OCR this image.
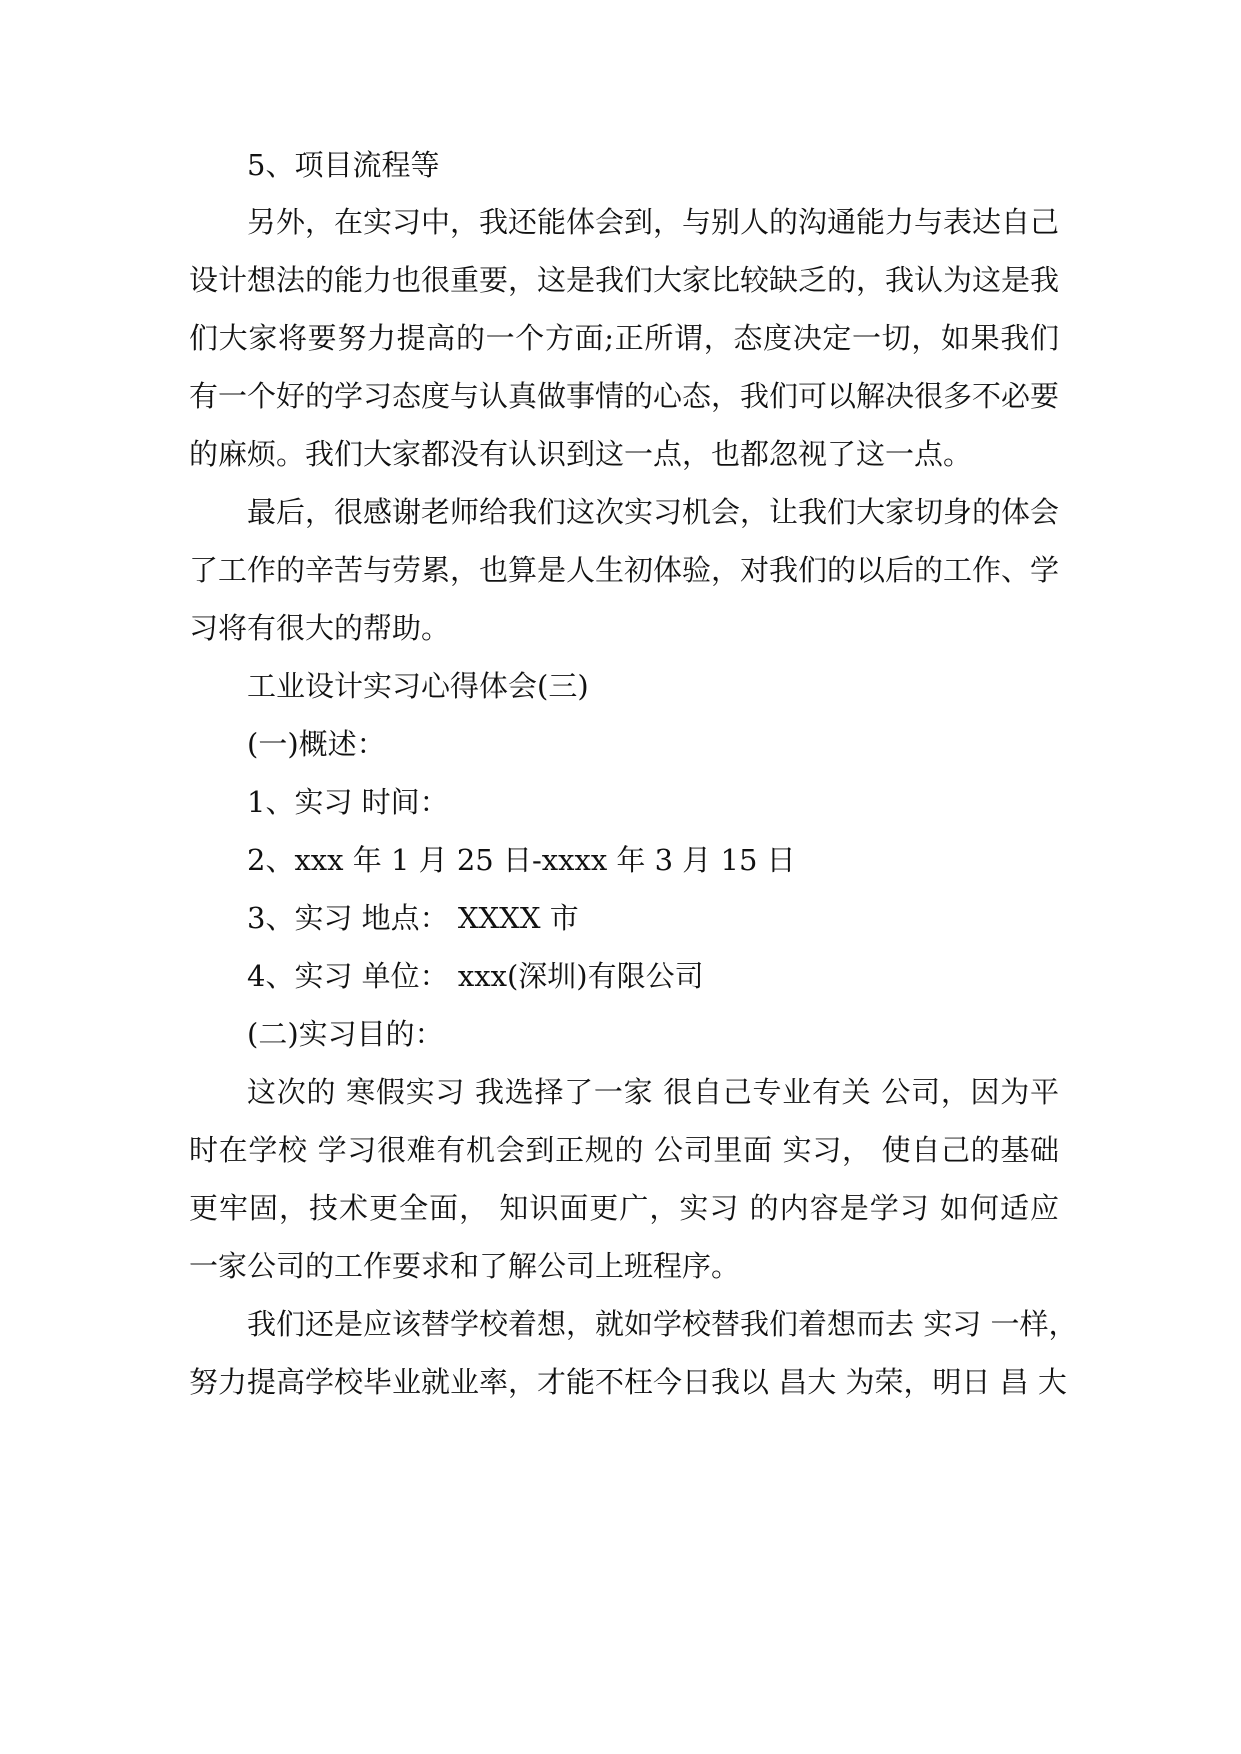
5、项目流程等
另外，在实习中，我还能体会到，与别人的沟通能力与表达自己
设计想法的能力也很重要，这是我们大家比较缺乏的，我认为这是我
们大家将要努力提高的一个方面;正所谓，态度决定一切，如果我们
有一个好的学习态度与认真做事情的心态，我们可以解决很多不必要
的麻烦。我们大家都没有认识到这一点，也都忽视了这一点。
最后，很感谢老师给我们这次实习机会，让我们大家切身的体会
了工作的辛苦与劳累，也算是人生初体验，对我们的以后的工作、学
习将有很大的帮助。
工业设计实习心得体会(三)
(一)概述：
1、实习 时间：
2、xxx 年 1 月 25 日-xxxx 年 3 月 15 日
3、实习 地点： XXXX 市
4、实习 单位： xxx(深圳)有限公司
(二)实习目的：
这次的 寒假实习 我选择了一家 很自己专业有关 公司，因为平
时在学校 学习很难有机会到正规的 公司里面 实习， 使自己的基础
更牢固，技术更全面， 知识面更广，实习 的内容是学习 如何适应
一家公司的工作要求和了解公司上班程序。
我们还是应该替学校着想，就如学校替我们着想而去 实习 一样，
努力提高学校毕业就业率，才能不枉今日我以 昌大 为荣，明日 昌 大
